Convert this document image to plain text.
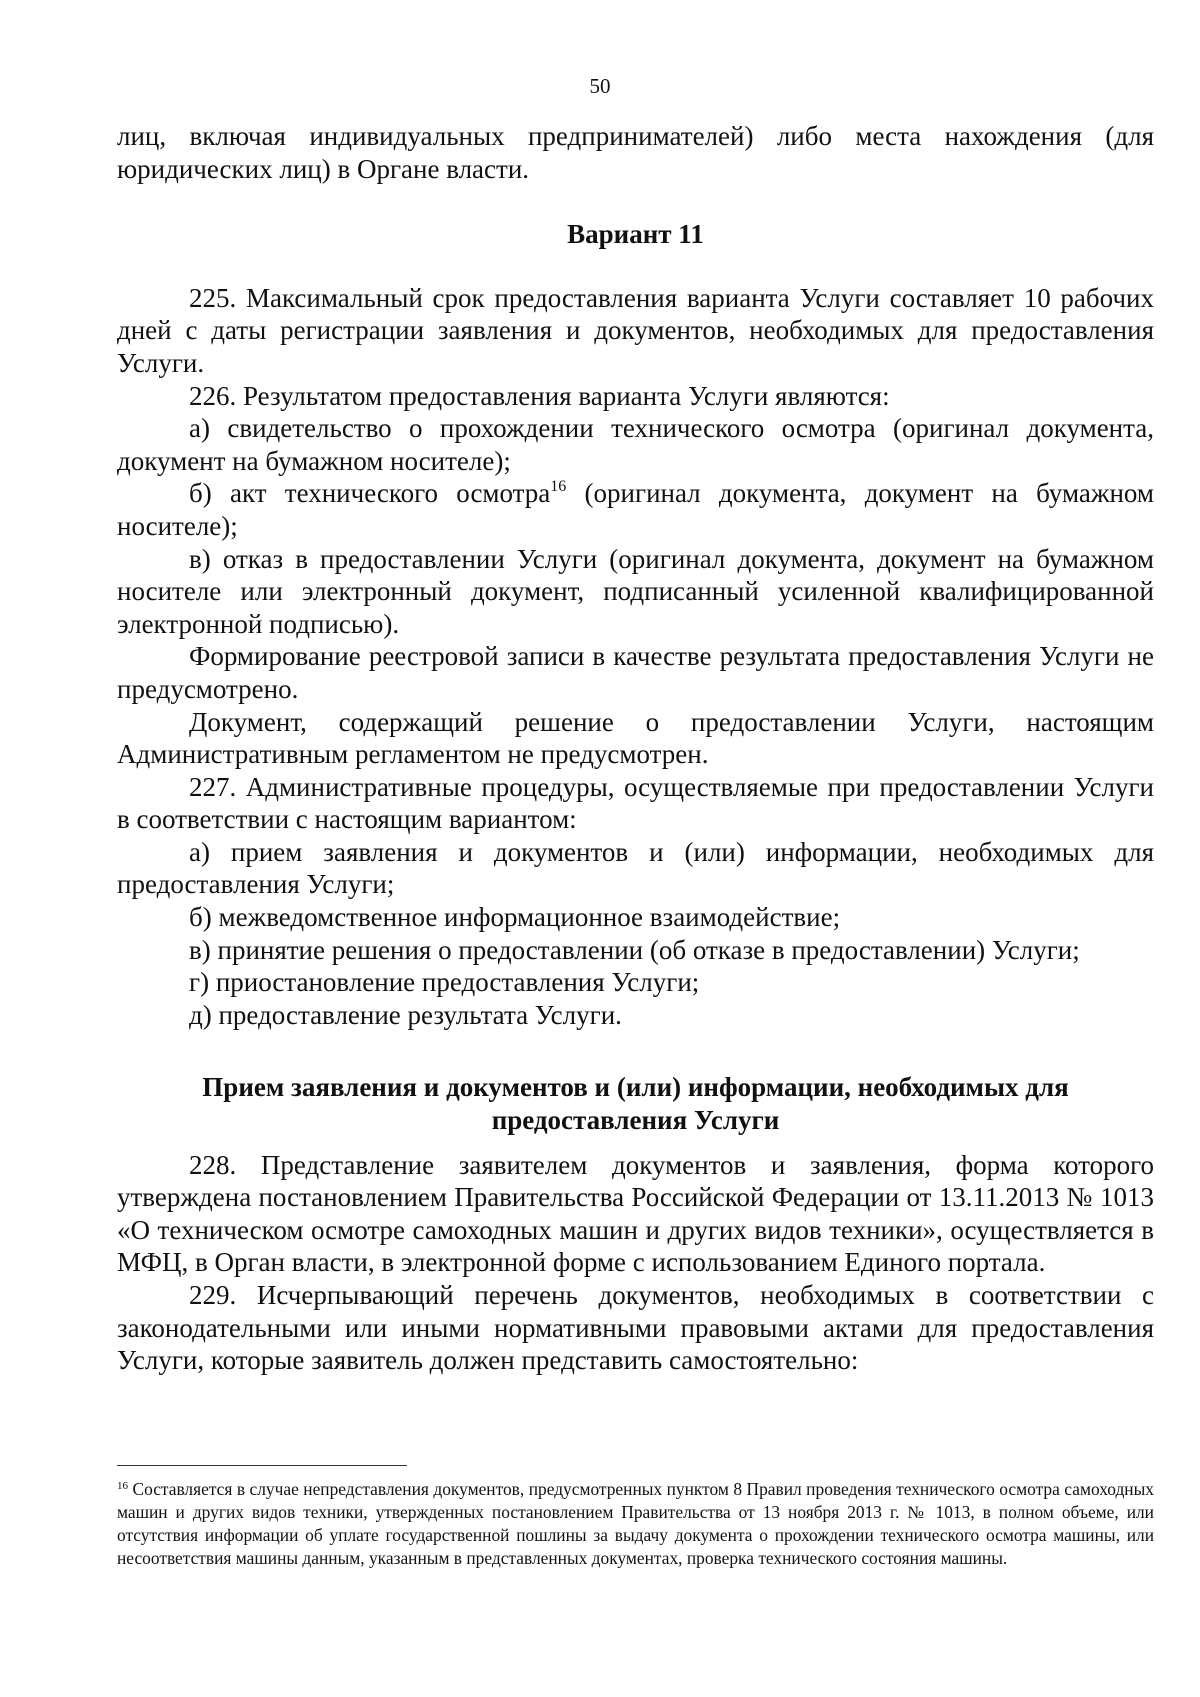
50

лиц, включая индивидуальных предпринимателей) либо места нахождения (для юридических лиц) в Органе власти.

Вариант 11

225. Максимальный срок предоставления варианта Услуги составляет 10 рабочих дней с даты регистрации заявления и документов, необходимых для предоставления Услуги.

226. Результатом предоставления варианта Услуги являются:

а) свидетельство о прохождении технического осмотра (оригинал документа, документ на бумажном носителе);

б) акт технического осмотра$^{16}$ (оригинал документа, документ на бумажном носителе);

в) отказ в предоставлении Услуги (оригинал документа, документ на бумажном носителе или электронный документ, подписанный усиленной квалифицированной электронной подписью).

Формирование реестровой записи в качестве результата предоставления Услуги не предусмотрено.

Документ, содержащий решение о предоставлении Услуги, настоящим Административным регламентом не предусмотрен.

227. Административные процедуры, осуществляемые при предоставлении Услуги в соответствии с настоящим вариантом:

а) прием заявления и документов и (или) информации, необходимых для предоставления Услуги;

б) межведомственное информационное взаимодействие;

в) принятие решения о предоставлении (об отказе в предоставлении) Услуги;

г) приостановление предоставления Услуги;

д) предоставление результата Услуги.

Прием заявления и документов и (или) информации, необходимых для предоставления Услуги

228. Представление заявителем документов и заявления, форма которого утверждена постановлением Правительства Российской Федерации от 13.11.2013 № 1013 «О техническом осмотре самоходных машин и других видов техники», осуществляется в МФЦ, в Орган власти, в электронной форме с использованием Единого портала.

229. Исчерпывающий перечень документов, необходимых в соответствии с законодательными или иными нормативными правовыми актами для предоставления Услуги, которые заявитель должен представить самостоятельно:

$^{16}$ Составляется в случае непредставления документов, предусмотренных пунктом 8 Правил проведения технического осмотра самоходных машин и других видов техники, утвержденных постановлением Правительства от 13 ноября 2013 г. № 1013, в полном объеме, или отсутствия информации об уплате государственной пошлины за выдачу документа о прохождении технического осмотра машины, или несоответствия машины данным, указанным в представленных документах, проверка технического состояния машины.
